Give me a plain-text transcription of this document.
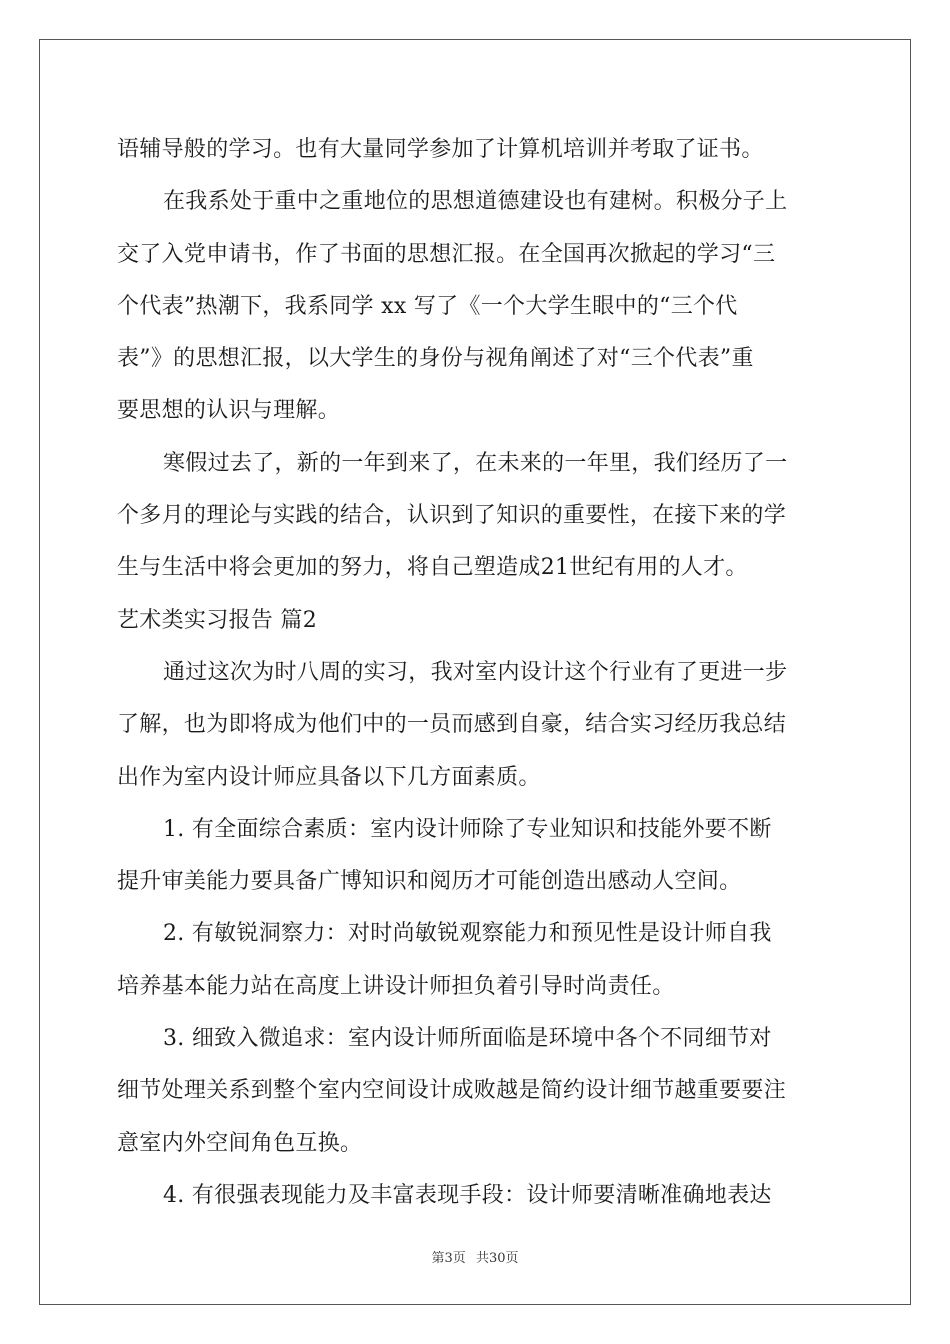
语辅导般的学习。也有大量同学参加了计算机培训并考取了证书。
在我系处于重中之重地位的思想道德建设也有建树。积极分子上
交了入党申请书，作了书面的思想汇报。在全国再次掀起的学习“三
个代表”热潮下，我系同学 xx 写了《一个大学生眼中的“三个代
表”》的思想汇报，以大学生的身份与视角阐述了对“三个代表”重
要思想的认识与理解。
寒假过去了，新的一年到来了，在未来的一年里，我们经历了一
个多月的理论与实践的结合，认识到了知识的重要性，在接下来的学
生与生活中将会更加的努力，将自己塑造成21世纪有用的人才。
艺术类实习报告 篇2
通过这次为时八周的实习，我对室内设计这个行业有了更进一步
了解，也为即将成为他们中的一员而感到自豪，结合实习经历我总结
出作为室内设计师应具备以下几方面素质。
1. 有全面综合素质：室内设计师除了专业知识和技能外要不断
提升审美能力要具备广博知识和阅历才可能创造出感动人空间。
2. 有敏锐洞察力：对时尚敏锐观察能力和预见性是设计师自我
培养基本能力站在高度上讲设计师担负着引导时尚责任。
3. 细致入微追求：室内设计师所面临是环境中各个不同细节对
细节处理关系到整个室内空间设计成败越是简约设计细节越重要要注
意室内外空间角色互换。
4. 有很强表现能力及丰富表现手段：设计师要清晰准确地表达
第3页 共30页
